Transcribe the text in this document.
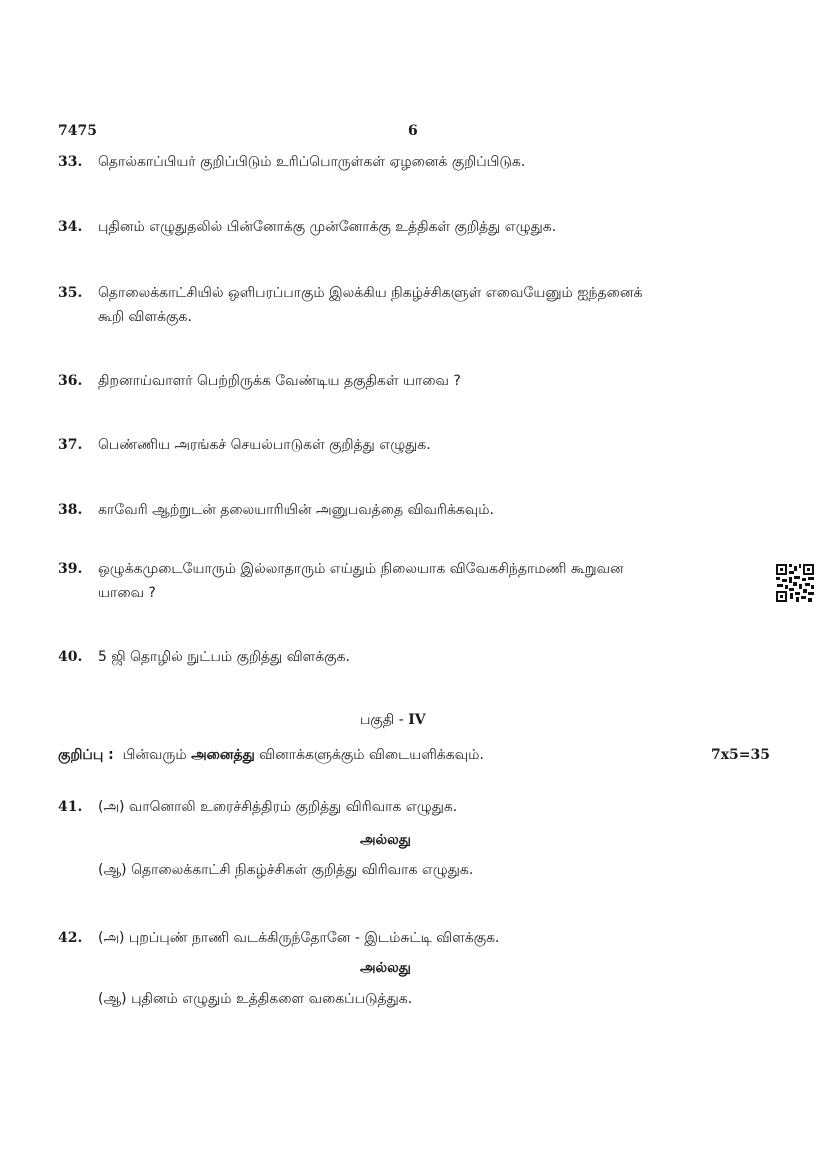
7475	6
33. தொல்காப்பியர் குறிப்பிடும் உரிப்பொருள்கள் ஏழனைக் குறிப்பிடுக.
34. புதினம் எழுதுதலில் பின்னோக்கு முன்னோக்கு உத்திகள் குறித்து எழுதுக.
35. தொலைக்காட்சியில் ஒளிபரப்பாகும் இலக்கிய நிகழ்ச்சிகளுள் எவையேனும் ஐந்தனைக்
கூறி விளக்குக.
36. திறனாய்வாளர் பெற்றிருக்க வேண்டிய தகுதிகள் யாவை ?
37. பெண்ணிய அரங்கச் செயல்பாடுகள் குறித்து எழுதுக.
38. காவேரி ஆற்றுடன் தலையாரியின் அனுபவத்தை விவரிக்கவும்.
39. ஒழுக்கமுடையோரும் இல்லாதாரும் எய்தும் நிலையாக விவேகசிந்தாமணி கூறுவன
யாவை ?
40. 5 ஜி தொழில் நுட்பம் குறித்து விளக்குக.
பகுதி - IV
குறிப்பு : பின்வரும் அனைத்து வினாக்களுக்கும் விடையளிக்கவும்.	7x5=35
41. (அ) வானொலி உரைச்சித்திரம் குறித்து விரிவாக எழுதுக.
அல்லது
(ஆ) தொலைக்காட்சி நிகழ்ச்சிகள் குறித்து விரிவாக எழுதுக.
42. (அ) புறப்புண் நாணி வடக்கிருந்தோனே - இடம்சுட்டி விளக்குக.
அல்லது
(ஆ) புதினம் எழுதும் உத்திகளை வகைப்படுத்துக.
